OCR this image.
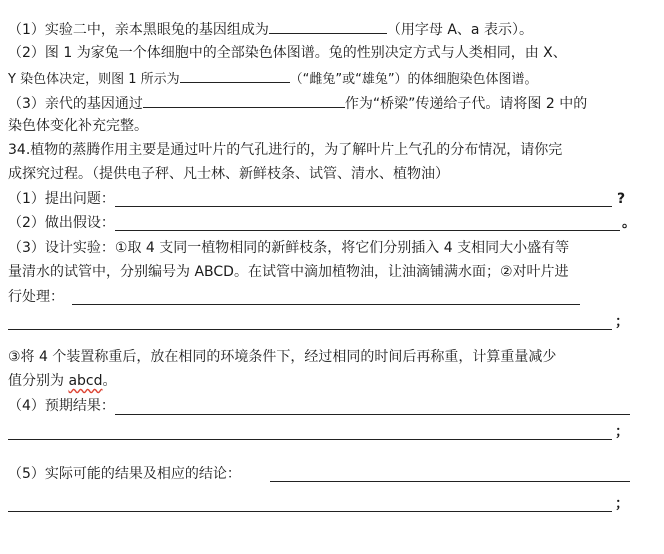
（1）实验二中，亲本黑眼兔的基因组成为	（用字母 A、a 表示）。
（2）图 1 为家兔一个体细胞中的全部染色体图谱。兔的性别决定方式与人类相同，由 X、
Y 染色体决定，则图 1 所示为	（“雌兔”或“雄兔”）的体细胞染色体图谱。
（3）亲代的基因通过	作为“桥梁”传递给子代。请将图 2 中的
染色体变化补充完整。
34.植物的蒸腾作用主要是通过叶片的气孔进行的，为了解叶片上气孔的分布情况，请你完
成探究过程。（提供电子秤、凡士林、新鲜枝条、试管、清水、植物油）
（1）提出问题：	?
（2）做出假设：	。
（3）设计实验：①取 4 支同一植物相同的新鲜枝条，将它们分别插入 4 支相同大小盛有等
量清水的试管中，分别编号为 ABCD。在试管中滴加植物油，让油滴铺满水面；②对叶片进
行处理：
；
③将 4 个装置称重后，放在相同的环境条件下，经过相同的时间后再称重，计算重量减少
值分别为 abcd。
（4）预期结果：
；
（5）实际可能的结果及相应的结论：
；
